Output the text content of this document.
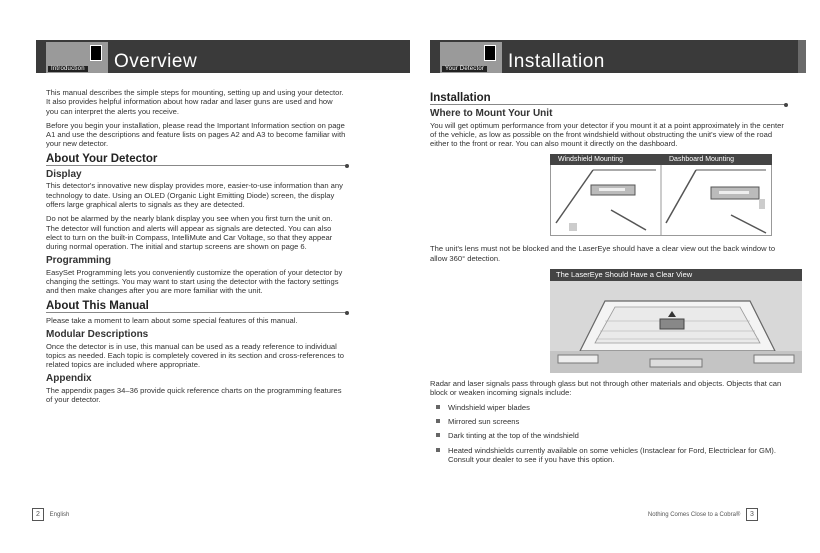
Introduction Overview

This manual describes the simple steps for mounting, setting up and using your detector. It also provides helpful information about how radar and laser guns are used and how you can interpret the alerts you receive.

Before you begin your installation, please read the Important Information section on page A1 and use the descriptions and feature lists on pages A2 and A3 to become familiar with your new detector.

About Your Detector
Display

This detector's innovative new display provides more, easier-to-use information than any technology to date. Using an OLED (Organic Light Emitting Diode) screen, the display offers large graphical alerts to signals as they are detected.

Do not be alarmed by the nearly blank display you see when you first turn the unit on. The detector will function and alerts will appear as signals are detected. You can also elect to turn on the built-in Compass, IntelliMute and Car Voltage, so that they appear during normal operation. The initial and startup screens are shown on page 6.

Programming

EasySet Programming lets you conveniently customize the operation of your detector by changing the settings. You may want to start using the detector with the factory settings and then make changes after you are more familiar with the unit.

About This Manual

Please take a moment to learn about some special features of this manual.

Modular Descriptions

Once the detector is in use, this manual can be used as a ready reference to individual topics as needed. Each topic is completely covered in its section and cross-references to related topics are included where appropriate.

Appendix

The appendix pages 34–36 provide quick reference charts on the programming features of your detector.

2 English
Your Detector Installation
Installation
Where to Mount Your Unit

You will get optimum performance from your detector if you mount it at a point approximately in the center of the vehicle, as low as possible on the front windshield without obstructing the unit's view of the road either to the front or rear. You can also mount it directly on the dashboard.

Windshield Mounting	Dashboard Mounting

The unit's lens must not be blocked and the LaserEye should have a clear view out the back window to allow 360° detection.

The LaserEye Should Have a Clear View

Radar and laser signals pass through glass but not through other materials and objects. Objects that can block or weaken incoming signals include:

Windshield wiper blades
Mirrored sun screens
Dark tinting at the top of the windshield
Heated windshields currently available on some vehicles (Instaclear for Ford, Electriclear for GM). Consult your dealer to see if you have this option.
Nothing Comes Close to a Cobra® 3
